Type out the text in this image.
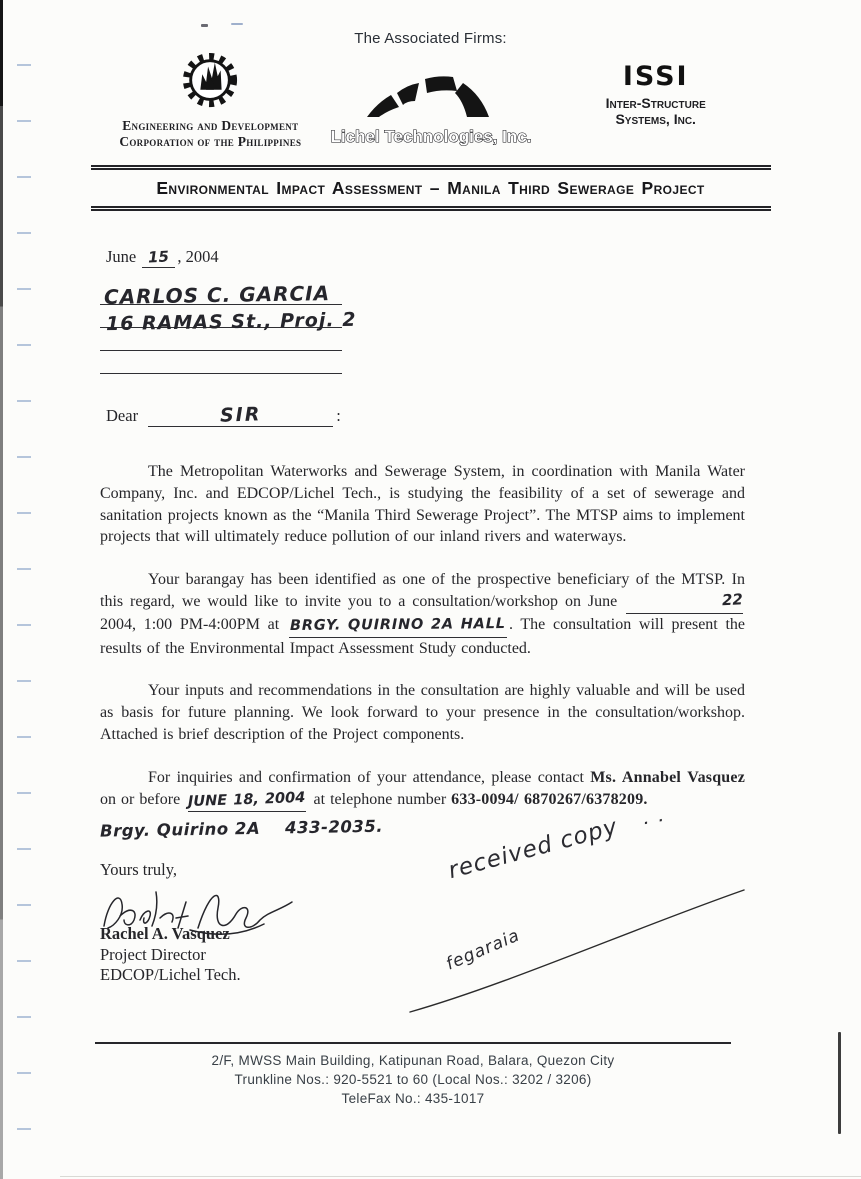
The Associated Firms:
Engineering and Development
Corporation of the Philippines	Lichel Technologies, Inc.
ISSI
Inter-Structure
Systems, Inc.
Environmental Impact Assessment – Manila Third Sewerage Project
June 15 , 2004
CARLOS C. GARCIA
16 RAMAS St., Proj. 2
Dear	SIR	:

The Metropolitan Waterworks and Sewerage System, in coordination with Manila Water Company, Inc. and EDCOP/Lichel Tech., is studying the feasibility of a set of sewerage and sanitation projects known as the “Manila Third Sewerage Project”. The MTSP aims to implement projects that will ultimately reduce pollution of our inland rivers and waterways.

Your barangay has been identified as one of the prospective beneficiary of the MTSP. In this regard, we would like to invite you to a consultation/workshop on June	222004, 1:00 PM-4:00PM at BRGY. QUIRINO 2A HALL . The consultation will present the results of the Environmental Impact Assessment Study conducted.

Your inputs and recommendations in the consultation are highly valuable and will be used as basis for future planning. We look forward to your presence in the consultation/workshop. Attached is brief description of the Project components.

For inquiries and confirmation of your attendance, please contact Ms. Annabel Vasquez on or before JUNE 18, 2004 at telephone number 633-0094/ 6870267/6378209.

Brgy. Quirino 2A    433-2035.
Yours truly,
Rachel A. Vasquez
Project Director
EDCOP/Lichel Tech.
received copy ˙˙
fegaraia
2/F, MWSS Main Building, Katipunan Road, Balara, Quezon City
Trunkline Nos.: 920-5521 to 60 (Local Nos.: 3202 / 3206)
TeleFax No.: 435-1017
